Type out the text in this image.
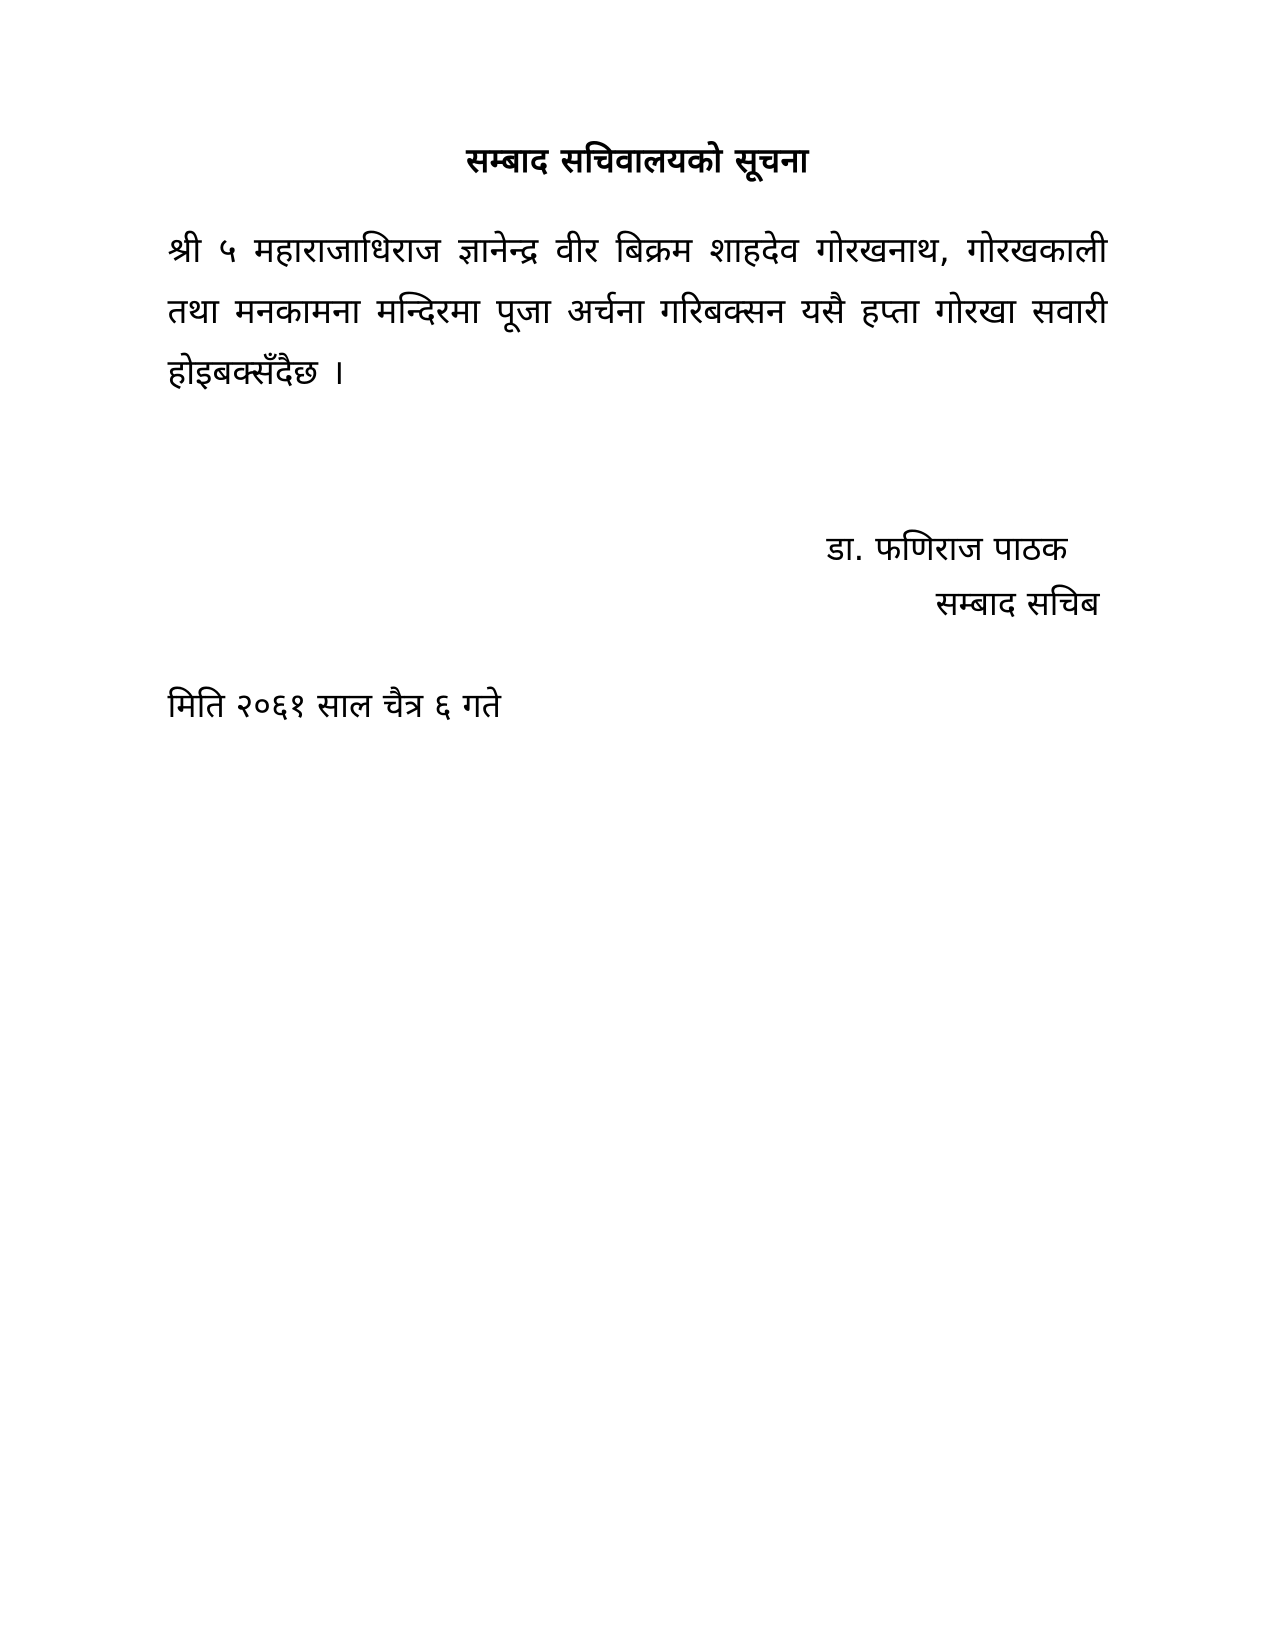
सम्बाद सचिवालयको सूचना

श्री ५ महाराजाधिराज ज्ञानेन्द्र वीर बिक्रम शाहदेव गोरखनाथ, गोरखकाली तथा मनकामना मन्दिरमा पूजा अर्चना गरिबक्सन यसै हप्ता गोरखा सवारी होइबक्सँदैछ ।

डा. फणिराज पाठक

सम्बाद सचिब

मिति २०६१ साल चैत्र ६ गते
